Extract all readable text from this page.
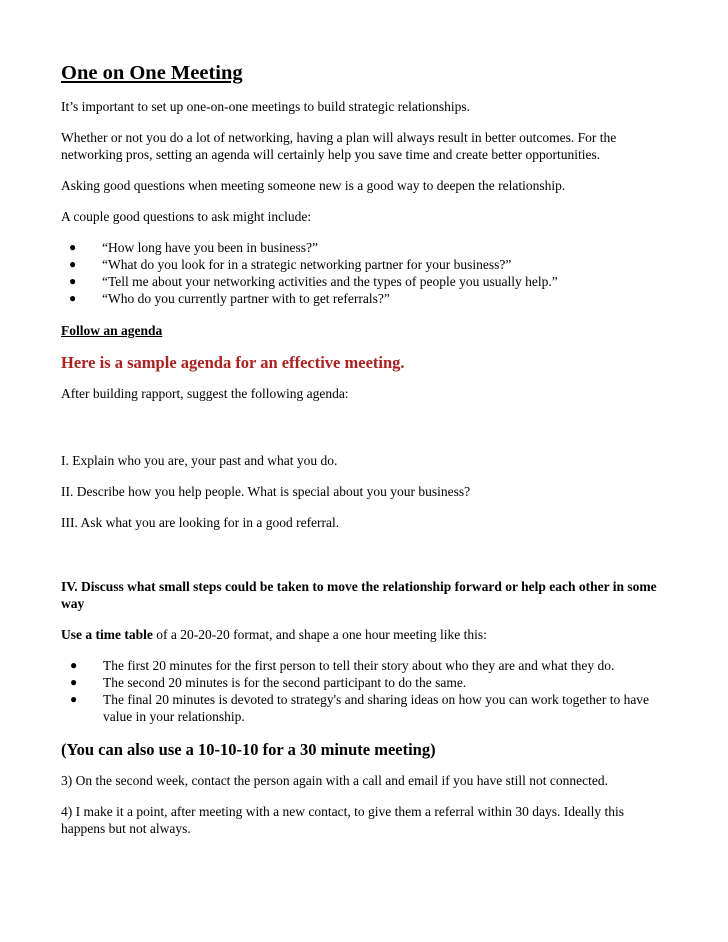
One on One Meeting

It’s important to set up one-on-one meetings to build strategic relationships.

Whether or not you do a lot of networking, having a plan will always result in better outcomes. For the networking pros, setting an agenda will certainly help you save time and create better opportunities.

Asking good questions when meeting someone new is a good way to deepen the relationship.

A couple good questions to ask might include:

● “How long have you been in business?”
● “What do you look for in a strategic networking partner for your business?”
● “Tell me about your networking activities and the types of people you usually help.”
● “Who do you currently partner with to get referrals?”

Follow an agenda

Here is a sample agenda for an effective meeting.

After building rapport, suggest the following agenda:

I. Explain who you are, your past and what you do.

II. Describe how you help people. What is special about you your business?

III. Ask what you are looking for in a good referral.

IV. Discuss what small steps could be taken to move the relationship forward or help each other in some way

Use a time table of a 20-20-20 format, and shape a one hour meeting like this:

● The first 20 minutes for the first person to tell their story about who they are and what they do.
● The second 20 minutes is for the second participant to do the same.
● The final 20 minutes is devoted to strategy's and sharing ideas on how you can work together to have value in your relationship.
(You can also use a 10-10-10 for a 30 minute meeting)

3) On the second week, contact the person again with a call and email if you have still not connected.

4) I make it a point, after meeting with a new contact, to give them a referral within 30 days. Ideally this happens but not always.
